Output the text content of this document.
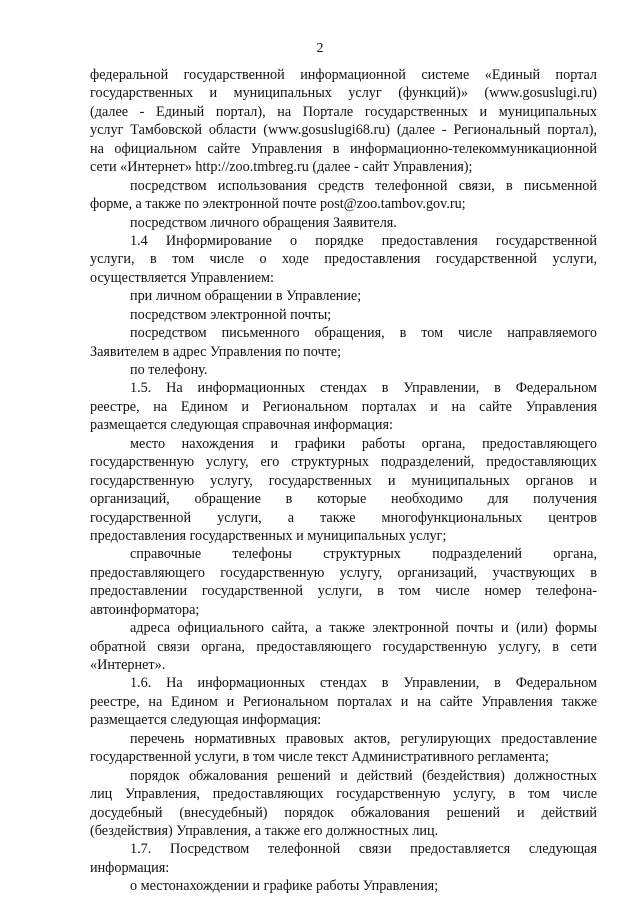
2
федеральной государственной информационной системе «Единый портал
государственных и муниципальных услуг (функций)» (www.gosuslugi.ru)
(далее - Единый портал), на Портале государственных и муниципальных
услуг Тамбовской области (www.gosuslugi68.ru) (далее - Региональный портал),
на официальном сайте Управления в информационно-телекоммуникационной
сети «Интернет» http://zoo.tmbreg.ru (далее - сайт Управления);
посредством использования средств телефонной связи, в письменной
форме, а также по электронной почте post@zoo.tambov.gov.ru;
посредством личного обращения Заявителя.
1.4 Информирование о порядке предоставления государственной
услуги, в том числе о ходе предоставления государственной услуги,
осуществляется Управлением:
при личном обращении в Управление;
посредством электронной почты;
посредством письменного обращения, в том числе направляемого
Заявителем в адрес Управления по почте;
по телефону.
1.5. На информационных стендах в Управлении, в Федеральном
реестре, на Едином и Региональном порталах и на сайте Управления
размещается следующая справочная информация:
место нахождения и графики работы органа, предоставляющего
государственную услугу, его структурных подразделений, предоставляющих
государственную услугу, государственных и муниципальных органов и
организаций, обращение в которые необходимо для получения
государственной услуги, а также многофункциональных центров
предоставления государственных и муниципальных услуг;
справочные телефоны структурных подразделений органа,
предоставляющего государственную услугу, организаций, участвующих в
предоставлении государственной услуги, в том числе номер телефона-
автоинформатора;
адреса официального сайта, а также электронной почты и (или) формы
обратной связи органа, предоставляющего государственную услугу, в сети
«Интернет».
1.6. На информационных стендах в Управлении, в Федеральном
реестре, на Едином и Региональном порталах и на сайте Управления также
размещается следующая информация:
перечень нормативных правовых актов, регулирующих предоставление
государственной услуги, в том числе текст Административного регламента;
порядок обжалования решений и действий (бездействия) должностных
лиц Управления, предоставляющих государственную услугу, в том числе
досудебный (внесудебный) порядок обжалования решений и действий
(бездействия) Управления, а также его должностных лиц.
1.7. Посредством телефонной связи предоставляется следующая
информация:
о местонахождении и графике работы Управления;
